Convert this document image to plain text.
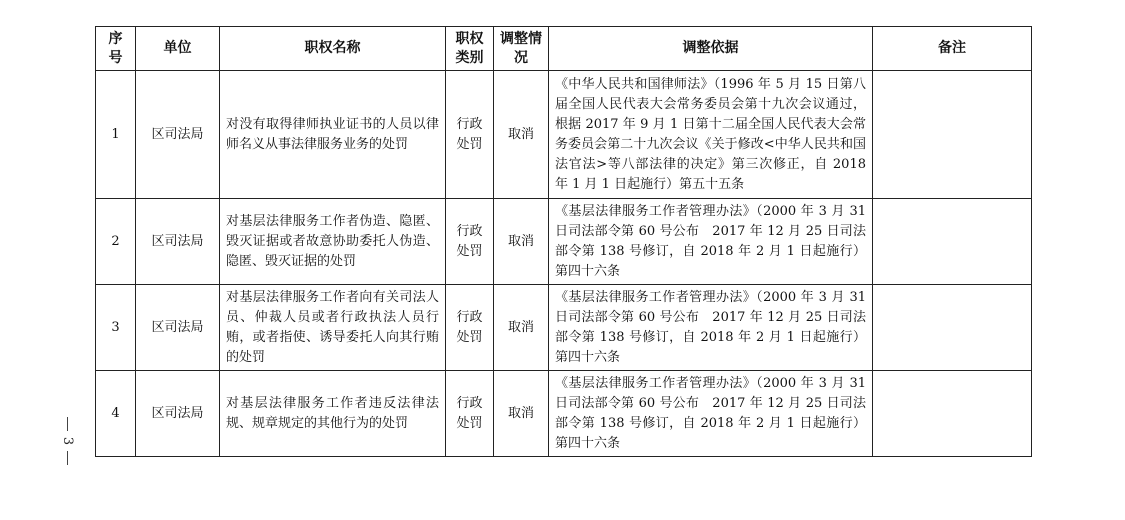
3
序号	单位	职权名称	职权类别	调整情况	调整依据	备注
1	区司法局	对没有取得律师执业证书的人员以律师名义从事法律服务业务的处罚	行政处罚	取消	《中华人民共和国律师法》（1996 年 5 月 15 日第八届全国人民代表大会常务委员会第十九次会议通过，根据 2017 年 9 月 1 日第十二届全国人民代表大会常务委员会第二十九次会议《关于修改<中华人民共和国法官法>等八部法律的决定》第三次修正，自 2018 年 1 月 1 日起施行）第五十五条	
2	区司法局	对基层法律服务工作者伪造、隐匿、毁灭证据或者故意协助委托人伪造、隐匿、毁灭证据的处罚	行政处罚	取消	《基层法律服务工作者管理办法》（2000 年 3 月 31 日司法部令第 60 号公布　2017 年 12 月 25 日司法部令第 138 号修订，自 2018 年 2 月 1 日起施行）第四十六条	
3	区司法局	对基层法律服务工作者向有关司法人员、仲裁人员或者行政执法人员行贿，或者指使、诱导委托人向其行贿的处罚	行政处罚	取消	《基层法律服务工作者管理办法》（2000 年 3 月 31 日司法部令第 60 号公布　2017 年 12 月 25 日司法部令第 138 号修订，自 2018 年 2 月 1 日起施行）第四十六条	
4	区司法局	对基层法律服务工作者违反法律法规、规章规定的其他行为的处罚	行政处罚	取消	《基层法律服务工作者管理办法》（2000 年 3 月 31 日司法部令第 60 号公布　2017 年 12 月 25 日司法部令第 138 号修订，自 2018 年 2 月 1 日起施行）第四十六条	
